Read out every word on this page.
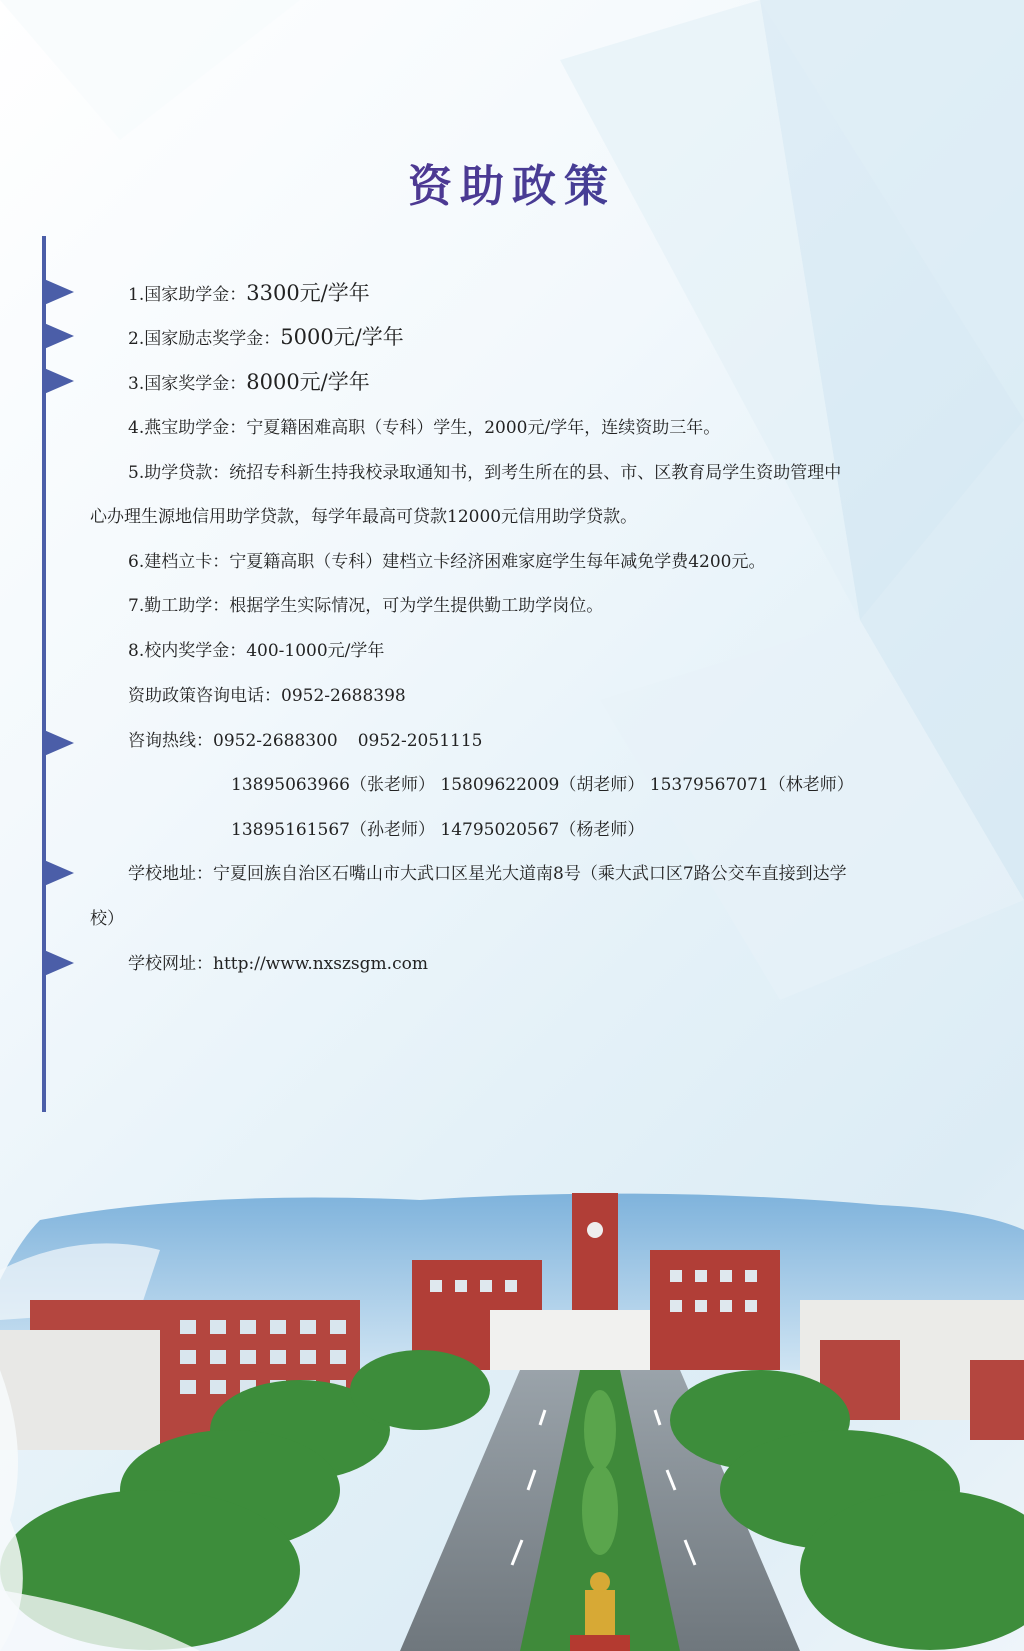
资助政策
1.国家助学金：3300元/学年
2.国家励志奖学金：5000元/学年
3.国家奖学金：8000元/学年
4.燕宝助学金：宁夏籍困难高职（专科）学生，2000元/学年，连续资助三年。
5.助学贷款：统招专科新生持我校录取通知书，到考生所在的县、市、区教育局学生资助管理中
心办理生源地信用助学贷款，每学年最高可贷款12000元信用助学贷款。
6.建档立卡：宁夏籍高职（专科）建档立卡经济困难家庭学生每年减免学费4200元。
7.勤工助学：根据学生实际情况，可为学生提供勤工助学岗位。
8.校内奖学金：400-1000元/学年
资助政策咨询电话：0952-2688398
咨询热线：0952-2688300 0952-2051115
13895063966（张老师） 15809622009（胡老师） 15379567071（林老师）
13895161567（孙老师） 14795020567（杨老师）
学校地址：宁夏回族自治区石嘴山市大武口区星光大道南8号（乘大武口区7路公交车直接到达学
校）
学校网址：http://www.nxszsgm.com
